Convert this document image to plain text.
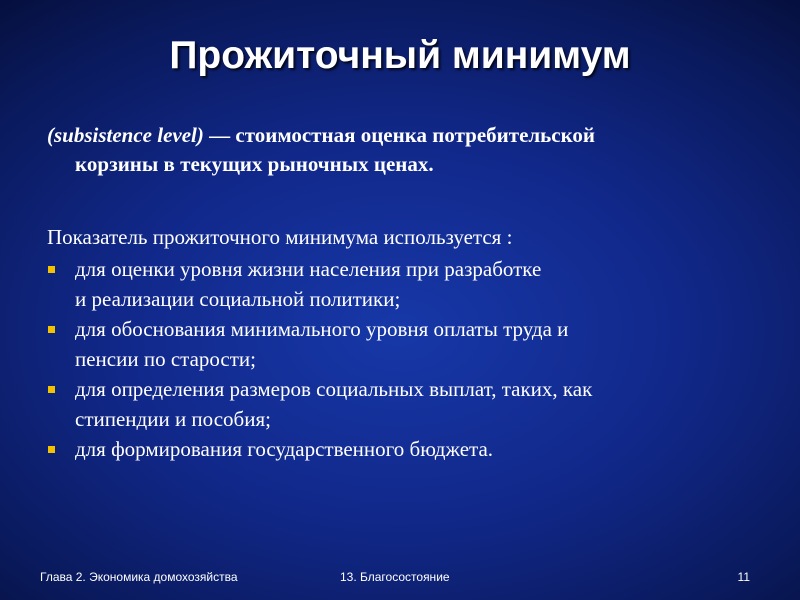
Прожиточный минимум
(subsistence level) — стоимостная оценка потребительской
корзины в текущих рыночных ценах.
Показатель прожиточного минимума используется :
для оценки уровня жизни населения при разработке
и реализации социальной политики;
для обоснования минимального уровня оплаты труда и
пенсии по старости;
для определения размеров социальных выплат, таких, как
стипендии и пособия;
для формирования государственного бюджета.
Глава 2. Экономика домохозяйства	13. Благосостояние	11
